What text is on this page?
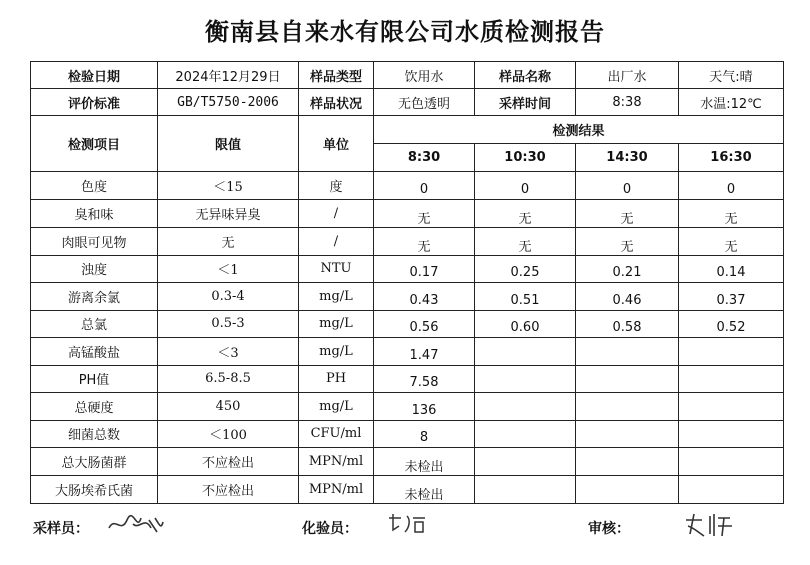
衡南县自来水有限公司水质检测报告
检验日期	2024年12月29日	样品类型	饮用水	样品名称	出厂水	天气:晴
评价标准	GB/T5750-2006	样品状况	无色透明	采样时间	8:38	水温:12℃
检测项目	限值	单位	检测结果			
			8:30	10:30	14:30	16:30
色度	＜15	度	0	0	0	0
臭和味	无异味异臭	/	无	无	无	无
肉眼可见物	无	/	无	无	无	无
浊度	＜1	NTU	0.17	0.25	0.21	0.14
游离余氯	0.3-4	mg/L	0.43	0.51	0.46	0.37
总氯	0.5-3	mg/L	0.56	0.60	0.58	0.52
高锰酸盐	＜3	mg/L	1.47			
PH值	6.5-8.5	PH	7.58			
总硬度	450	mg/L	136			
细菌总数	＜100	CFU/ml	8			
总大肠菌群	不应检出	MPN/ml	未检出			
大肠埃希氏菌	不应检出	MPN/ml	未检出			
采样员：	化验员：	审核：
